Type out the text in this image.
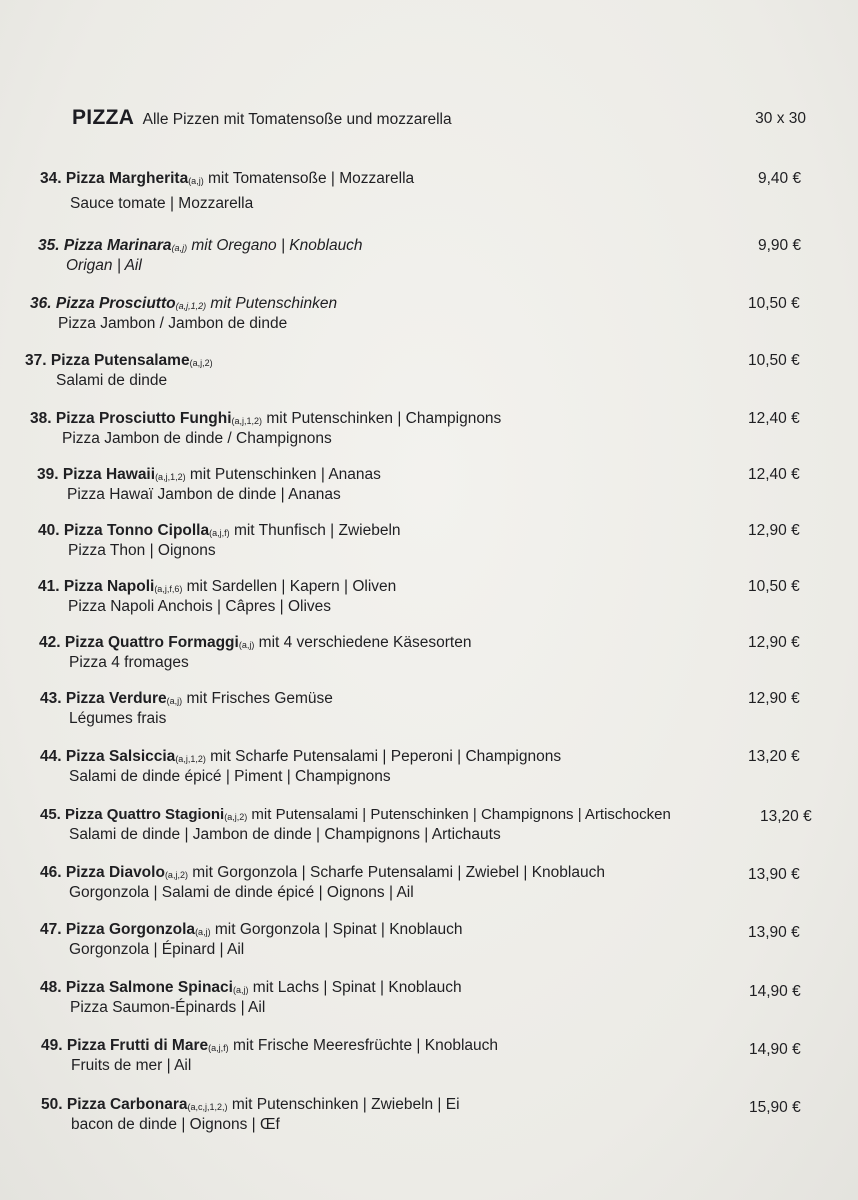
PIZZA Alle Pizzen mit Tomatensoße und mozzarella	30 x 30
34. Pizza Margherita(a,j) mit Tomatensoße | Mozzarella
Sauce tomate | Mozzarella
9,40 €
35. Pizza Marinara(a,j) mit Oregano | Knoblauch
Origan | Ail
9,90 €
36. Pizza Prosciutto(a,j,1,2) mit Putenschinken
Pizza Jambon / Jambon de dinde
10,50 €
37. Pizza Putensalame(a,j,2)
Salami de dinde
10,50 €
38. Pizza Prosciutto Funghi(a,j,1,2) mit Putenschinken | Champignons
Pizza Jambon de dinde / Champignons
12,40 €
39. Pizza Hawaii(a,j,1,2) mit Putenschinken | Ananas
Pizza Hawaï Jambon de dinde | Ananas
12,40 €
40. Pizza Tonno Cipolla(a,j,f) mit Thunfisch | Zwiebeln
Pizza Thon | Oignons
12,90 €
41. Pizza Napoli(a,j,f,6) mit Sardellen | Kapern | Oliven
Pizza Napoli Anchois | Câpres | Olives
10,50 €
42. Pizza Quattro Formaggi(a,j) mit 4 verschiedene Käsesorten
Pizza 4 fromages
12,90 €
43. Pizza Verdure(a,j) mit Frisches Gemüse
Légumes frais
12,90 €
44. Pizza Salsiccia(a,j,1,2) mit Scharfe Putensalami | Peperoni | Champignons
Salami de dinde épicé | Piment | Champignons
13,20 €
45. Pizza Quattro Stagioni(a,j,2) mit Putensalami | Putenschinken | Champignons | Artischocken
Salami de dinde | Jambon de dinde | Champignons | Artichauts
13,20 €
46. Pizza Diavolo(a,j,2) mit Gorgonzola | Scharfe Putensalami | Zwiebel | Knoblauch
Gorgonzola | Salami de dinde épicé | Oignons | Ail
13,90 €
47. Pizza Gorgonzola(a,j) mit Gorgonzola | Spinat | Knoblauch
Gorgonzola | Épinard | Ail
13,90 €
48. Pizza Salmone Spinaci(a,j) mit Lachs | Spinat | Knoblauch
Pizza Saumon-Épinards | Ail
14,90 €
49. Pizza Frutti di Mare(a,j,f) mit Frische Meeresfrüchte | Knoblauch
Fruits de mer | Ail
14,90 €
50. Pizza Carbonara(a,c,j,1,2,) mit Putenschinken | Zwiebeln | Ei
bacon de dinde | Oignons | Œf
15,90 €
